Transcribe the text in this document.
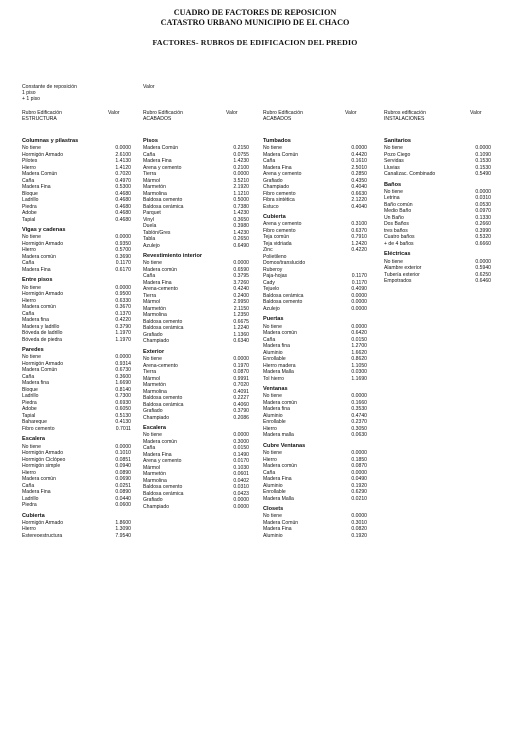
CUADRO DE FACTORES DE REPOSICION
CATASTRO URBANO MUNICIPIO DE EL CHACO
FACTORES- RUBROS DE EDIFICACION DEL PREDIO
Constante de reposición	Valor
1 piso
+ 1 piso
Rubro Edificación
ESTRUCTURA
Valor	Rubro Edificación
ACABADOS
Valor	Rubro Edificación
ACABADOS
Valor	Rubros edificación
INSTALACIONES
Valor
Columnas y pilastras
No tiene	0.0000
Hormigón Armado	2.6100
Pilotes	1.4130
Hierro	1.4120
Madera Común	0.7020
Caña	0.4970
Madera Fina	0.5300
Bloque	0.4680
Ladrillo	0.4680
Piedra	0.4680
Adobe	0.4680
Tapial	0.4680
Vigas y cadenas
No tiene	0.0000
Hormigón Armado	0.9350
Hierro	0.5700
Madera común	0.3690
Caña	0.1170
Madera Fina	0.6170
Entre pisos
No tiene	0.0000
Hormigón Armado	0.9500
Hierro	0.6330
Madera común	0.3670
Caña	0.1370
Madera fina	0.4220
Madera y ladrillo	0.3790
Bóveda de ladrillo	1.1970
Bóveda de piedra	1.1970
Paredes
No tiene	0.0000
Hormigón Armado	0.9314
Madera Común	0.6730
Caña	0.3600
Madera fina	1.6690
Bloque	0.8140
Ladrillo	0.7300
Piedra	0.6930
Adobe	0.6050
Tapial	0.5130
Bahareque	0.4130
Fibro cemento	0.7011
Escalera
No tiene	0.0000
Hormigón Armado	0.1010
Hormigón Ciclópeo	0.0851
Hormigón simple	0.0940
Hierro	0.0890
Madera común	0.0690
Caña	0.0251
Madera Fina	0.0890
Ladrillo	0.0440
Piedra	0.0600
Cubierta
Hormigón Armado	1.8600
Hierro	1.3090
Estereoestructura	7.9540
Pisos
Madera Común	0.2150
Caña	0.0755
Madera Fina	1.4230
Arena y cemento	0.2100
Tierra	0.0000
Mármol	3.5210
Marmetón	2.1920
Marmolina	1.1210
Baldosa cemento	0.5000
Baldosa cerámica	0.7380
Parquet	1.4230
Vinyl	0.3650
Duela	0.3980
Tablón/Gres	1.4230
Tabla	0.2650
Azulejo	0.6490
Revestimiento interior
No tiene	0.0000
Madera común	0.6590
Caña	0.3795
Madera Fina	3.7260
Arena-cemento	0.4240
Tierra	0.2400
Mármol	2.9950
Marmetón	2.1150
Marmolina	1.2350
Baldosa cemento	0.6675
Baldosa cerámica	1.2240
Grafiado	1.1360
Champiado	0.6340
Exterior
No tiene	0.0000
Arena-cemento	0.1970
Tierra	0.0870
Mármol	0.9991
Marmetón	0.7020
Marmolina	0.4091
Baldosa cemento	0.2227
Baldosa cerámica	0.4060
Grafiado	0.3790
Champiado	0.2086
Escalera
No tiene	0.0000
Madera común	0.3000
Caña	0.0150
Madera Fina	0.1490
Arena y cemento	0.0170
Mármol	0.1030
Marmetón	0.0601
Marmolina	0.0402
Baldosa cemento	0.0310
Baldosa cerámica	0.0423
Grafiado	0.0000
Champiado	0.0000
Tumbados
No tiene	0.0000
Madera Común	0.4420
Caña	0.1610
Madera Fina	2.5010
Arena y cemento	0.2850
Grafiado	0.4350
Champiado	0.4040
Fibro cemento	0.6630
Fibra sintética	2.1220
Estuco	0.4040
Cubierta
Arena y cemento	0.3100
Fibro cemento	0.6370
Teja común	0.7910
Teja vidriada	1.2420
Zinc	0.4220
Polietileno
Domos/translucido
Ruberoy
Paja-hojas	0.1170
Cady	0.1170
Tejuelo	0.4090
Baldosa cerámica	0.0000
Baldosa cemento	0.0000
Azulejo	0.0000
Puertas
No tiene	0.0000
Madera común	0.6420
Caña	0.0150
Madera fina	1.2700
Aluminio	1.6620
Enrollable	0.8620
Hierro madera	1.1050
Madera Malla	0.0300
Tol hierro	1.1690
Ventanas
No tiene	0.0000
Madera común	0.1660
Madera fina	0.3530
Aluminio	0.4740
Enrollable	0.2370
Hierro	0.3050
Madera malla	0.0630
Cubre Ventanas
No tiene	0.0000
Hierro	0.1850
Madera común	0.0870
Caña	0.0000
Madera Fina	0.0490
Aluminio	0.1920
Enrollable	0.6290
Madera Malla	0.0210
Closets
No tiene	0.0000
Madera Común	0.3010
Madera Fina	0.0820
Aluminio	0.1920
Sanitarios
No tiene	0.0000
Pozo Ciego	0.1090
Servidas	0.1530
Lluvias	0.1530
Canalizac. Combinado	0.5490
Baños
No tiene	0.0000
Letrina	0.0310
Baño común	0.0530
Medio Baño	0.0970
Un Baño	0.1330
Dos Baños	0.2660
tres baños	0.3990
Cuatro baños	0.5320
+ de 4 baños	0.6660
Eléctricas
No tiene	0.0000
Alambre exterior	0.5940
Tubería exterior	0.6250
Empotrados	0.6460
